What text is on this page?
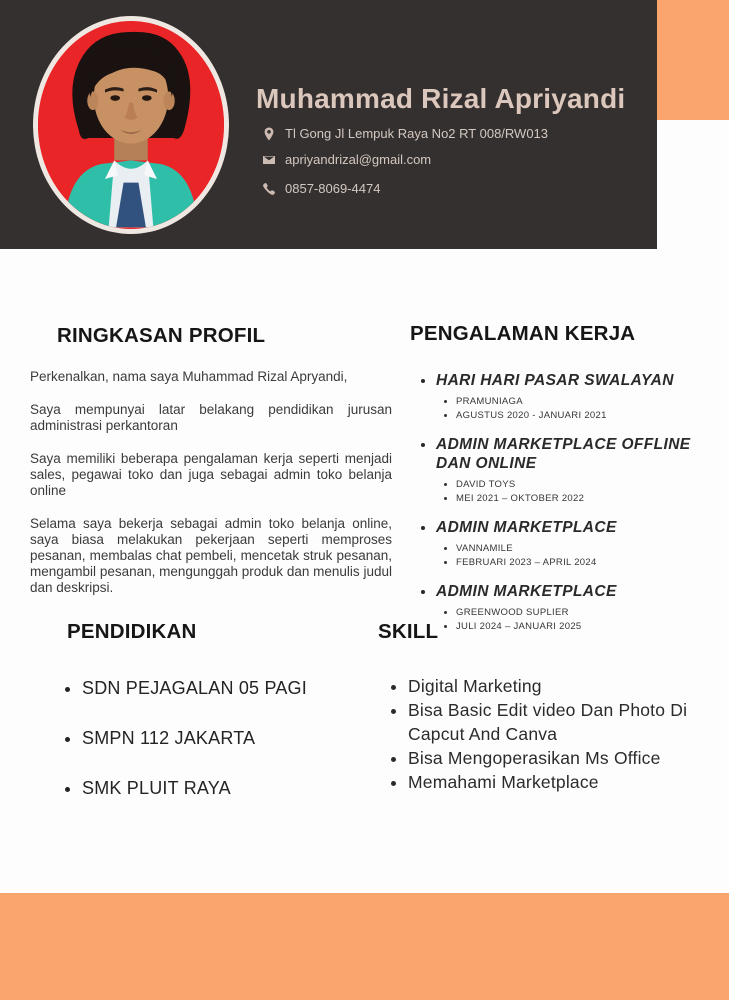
Muhammad Rizal Apriyandi
Tl Gong Jl Lempuk Raya No2 RT 008/RW013
apriyandrizal@gmail.com
0857-8069-4474
RINGKASAN PROFIL

Perkenalkan, nama saya Muhammad Rizal Apryandi,

Saya mempunyai latar belakang pendidikan jurusan administrasi perkantoran

Saya memiliki beberapa pengalaman kerja seperti menjadi sales, pegawai toko dan juga sebagai admin toko belanja online

Selama saya bekerja sebagai admin toko belanja online, saya biasa melakukan pekerjaan seperti memproses pesanan, membalas chat pembeli, mencetak struk pesanan, mengambil pesanan, mengunggah produk dan menulis judul dan deskripsi.

PENGALAMAN KERJA
• HARI HARI PASAR SWALAYAN
• PRAMUNIAGA
• AGUSTUS 2020 - JANUARI 2021
• ADMIN MARKETPLACE OFFLINE DAN ONLINE
• DAVID TOYS
• MEI 2021 – OKTOBER 2022
• ADMIN MARKETPLACE
• VANNAMILE
• FEBRUARI 2023 – APRIL 2024
• ADMIN MARKETPLACE
• GREENWOOD SUPLIER
• JULI 2024 – JANUARI 2025
PENDIDIKAN
• SDN PEJAGALAN 05 PAGI
• SMPN 112 JAKARTA
• SMK PLUIT RAYA
SKILL
• Digital Marketing
• Bisa Basic Edit video Dan Photo Di Capcut And Canva
• Bisa Mengoperasikan Ms Office
• Memahami Marketplace
